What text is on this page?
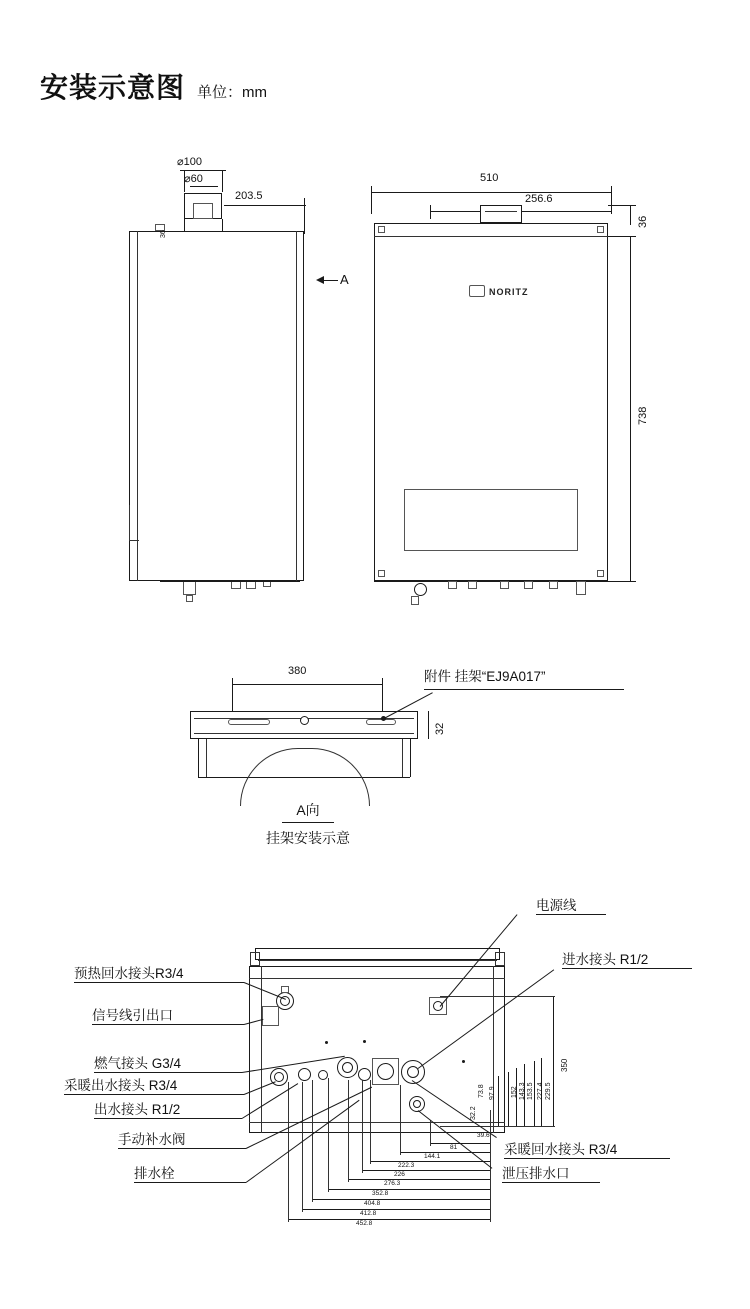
安装示意图 单位：mm
⌀100
⌀60
36
203.5
A
510
256.6
NORITZ
36
738
380
32
附件 挂架“EJ9A017”
A向
挂架安装示意
350
229.5
227.4
153.5
143.3
152
97.9
73.8
32.2
39.6
81
144.1
222.3
226
276.3
352.8
404.8
412.8
452.8
预热回水接头R3/4
信号线引出口
燃气接头 G3/4
采暖出水接头 R3/4
出水接头 R1/2
手动补水阀
排水栓
电源线
进水接头 R1/2
采暖回水接头 R3/4
泄压排水口
